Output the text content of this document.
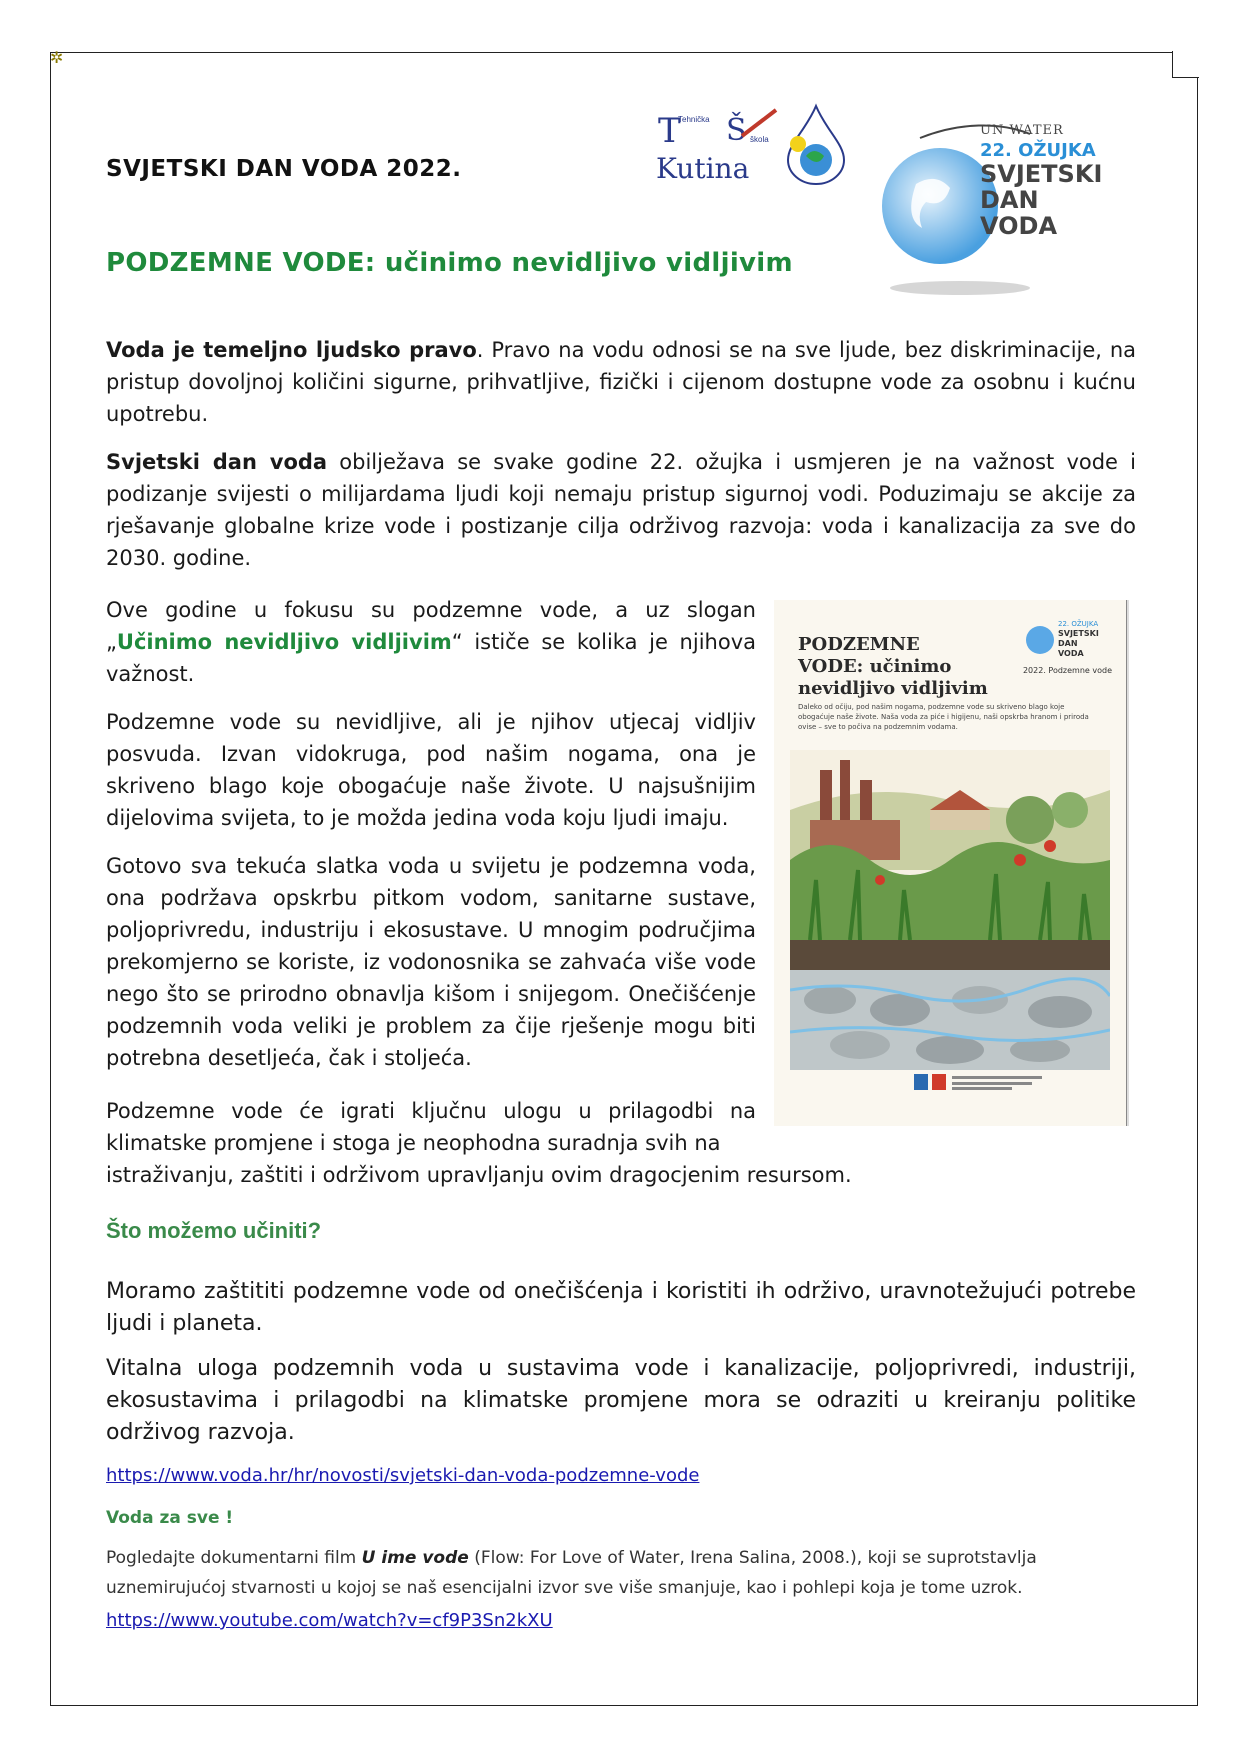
✲
SVJETSKI DAN VODA 2022.
PODZEMNE VODE: učinimo nevidljivo vidljivim
T
Tehnička Š škola
Kutina
UN WATER
22. OŽUJKA
SVJETSKI
DAN
VODA
Voda je temeljno ljudsko pravo. Pravo na vodu odnosi se na sve ljude, bez diskriminacije, na pristup dovoljnoj količini sigurne, prihvatljive, fizički i cijenom dostupne vode za osobnu i kućnu upotrebu.
Svjetski dan voda obilježava se svake godine 22. ožujka i usmjeren je na važnost vode i podizanje svijesti o milijardama ljudi koji nemaju pristup sigurnoj vodi. Poduzimaju se akcije za rješavanje globalne krize vode i postizanje cilja održivog razvoja: voda i kanalizacija za sve do 2030. godine.
Ove godine u fokusu su podzemne vode, a uz slogan „Učinimo nevidljivo vidljivim“ ističe se kolika je njihova važnost.
Podzemne vode su nevidljive, ali je njihov utjecaj vidljiv posvuda. Izvan vidokruga, pod našim nogama, ona je skriveno blago koje obogaćuje naše živote. U najsušnijim dijelovima svijeta, to je možda jedina voda koju ljudi imaju.
Gotovo sva tekuća slatka voda u svijetu je podzemna voda, ona podržava opskrbu pitkom vodom, sanitarne sustave, poljoprivredu, industriju i ekosustave. U mnogim područjima prekomjerno se koriste, iz vodonosnika se zahvaća više vode nego što se prirodno obnavlja kišom i snijegom. Onečišćenje podzemnih voda veliki je problem za čije rješenje mogu biti potrebna desetljeća, čak i stoljeća.
Podzemne vode će igrati ključnu ulogu u prilagodbi na klimatske promjene i stoga je neophodna suradnja svih na
istraživanju, zaštiti i održivom upravljanju ovim dragocjenim resursom.
PODZEMNE VODE: učinimo nevidljivo vidljivim
22. OŽUJKA
SVJETSKI
DAN
VODA
2022. Podzemne vode
Daleko od očiju, pod našim nogama, podzemne vode su skriveno blago koje obogaćuje naše živote. Naša voda za piće i higijenu, naši opskrba hranom i priroda ovise – sve to počiva na podzemnim vodama.
Što možemo učiniti?
Moramo zaštititi podzemne vode od onečišćenja i koristiti ih održivo, uravnotežujući potrebe ljudi i planeta.
Vitalna uloga podzemnih voda u sustavima vode i kanalizacije, poljoprivredi, industriji, ekosustavima i prilagodbi na klimatske promjene mora se odraziti u kreiranju politike održivog razvoja.
https://www.voda.hr/hr/novosti/svjetski-dan-voda-podzemne-vode
Voda za sve !
Pogledajte dokumentarni film U ime vode (Flow: For Love of Water, Irena Salina, 2008.), koji se suprotstavlja uznemirujućoj stvarnosti u kojoj se naš esencijalni izvor sve više smanjuje, kao i pohlepi koja je tome uzrok.
https://www.youtube.com/watch?v=cf9P3Sn2kXU
